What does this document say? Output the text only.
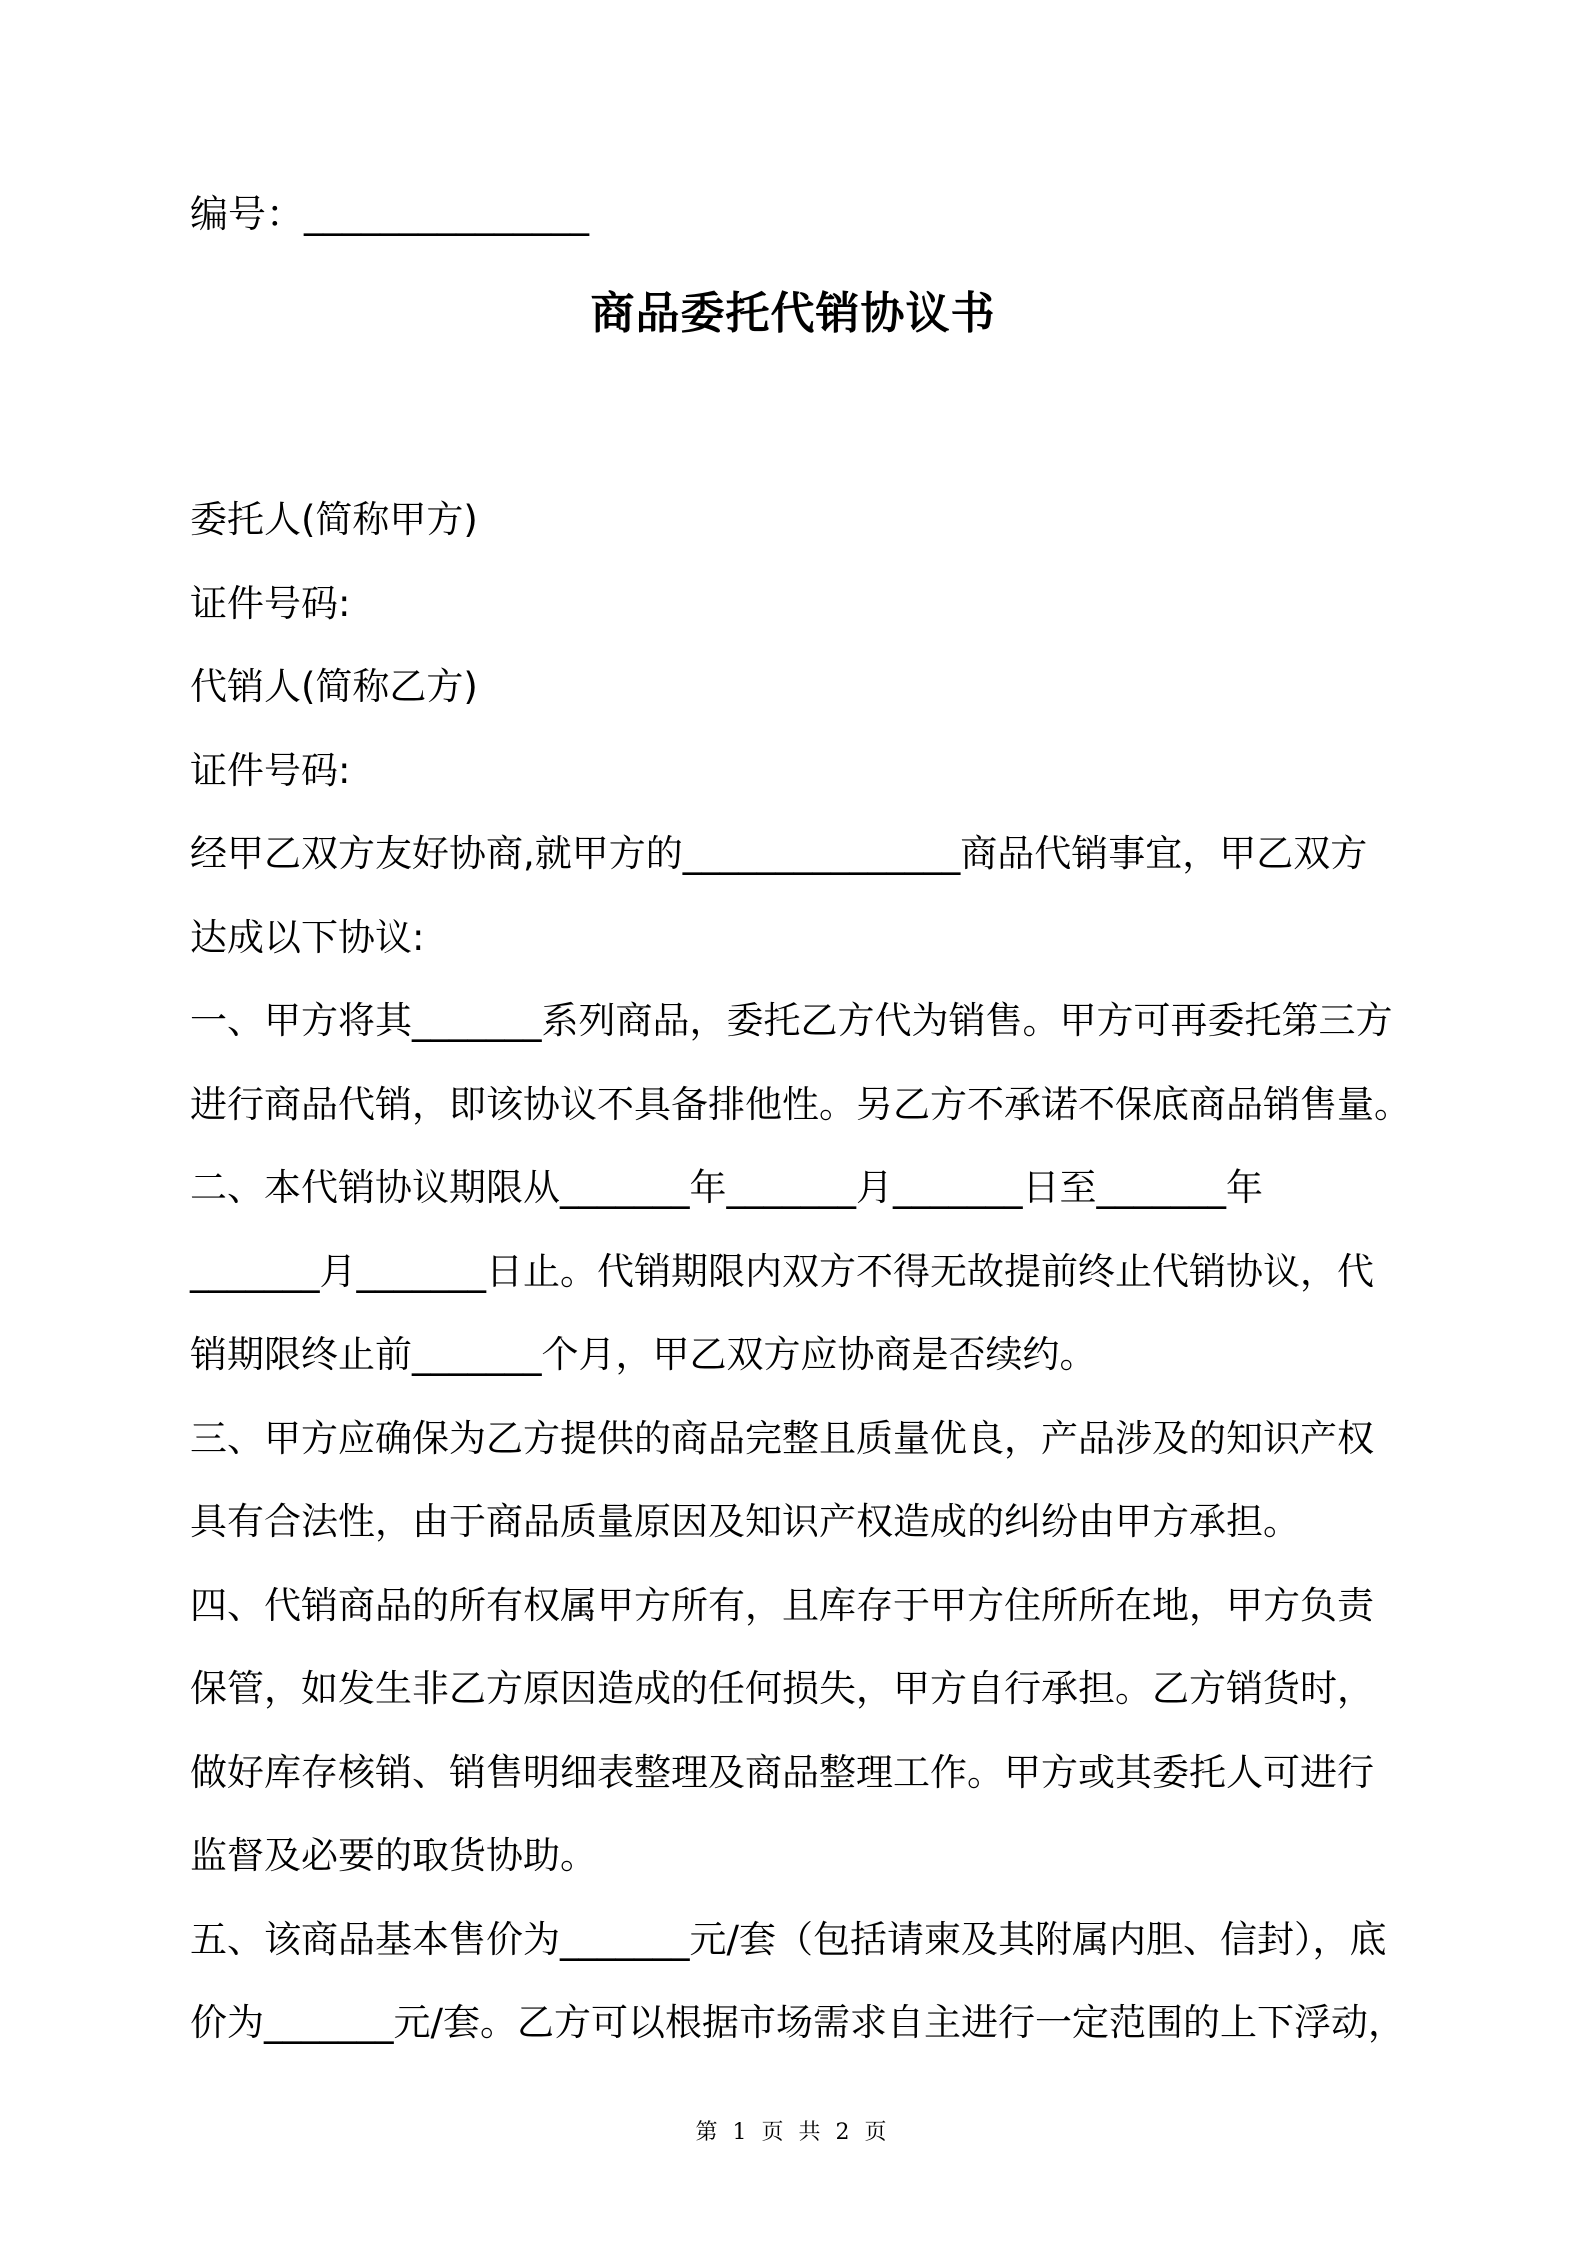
编号：_______________
商品委托代销协议书
委托人(简称甲方)
证件号码:
代销人(简称乙方)
证件号码:
经甲乙双方友好协商,就甲方的_______________商品代销事宜，甲乙双方
达成以下协议:
一、甲方将其_______系列商品，委托乙方代为销售。甲方可再委托第三方
进行商品代销，即该协议不具备排他性。另乙方不承诺不保底商品销售量。
二、本代销协议期限从_______年_______月_______日至_______年
_______月_______日止。代销期限内双方不得无故提前终止代销协议，代
销期限终止前_______个月，甲乙双方应协商是否续约。
三、甲方应确保为乙方提供的商品完整且质量优良，产品涉及的知识产权
具有合法性，由于商品质量原因及知识产权造成的纠纷由甲方承担。
四、代销商品的所有权属甲方所有，且库存于甲方住所所在地，甲方负责
保管，如发生非乙方原因造成的任何损失，甲方自行承担。乙方销货时，
做好库存核销、销售明细表整理及商品整理工作。甲方或其委托人可进行
监督及必要的取货协助。
五、该商品基本售价为_______元/套（包括请柬及其附属内胆、信封），底
价为_______元/套。乙方可以根据市场需求自主进行一定范围的上下浮动，
第 1 页 共 2 页
